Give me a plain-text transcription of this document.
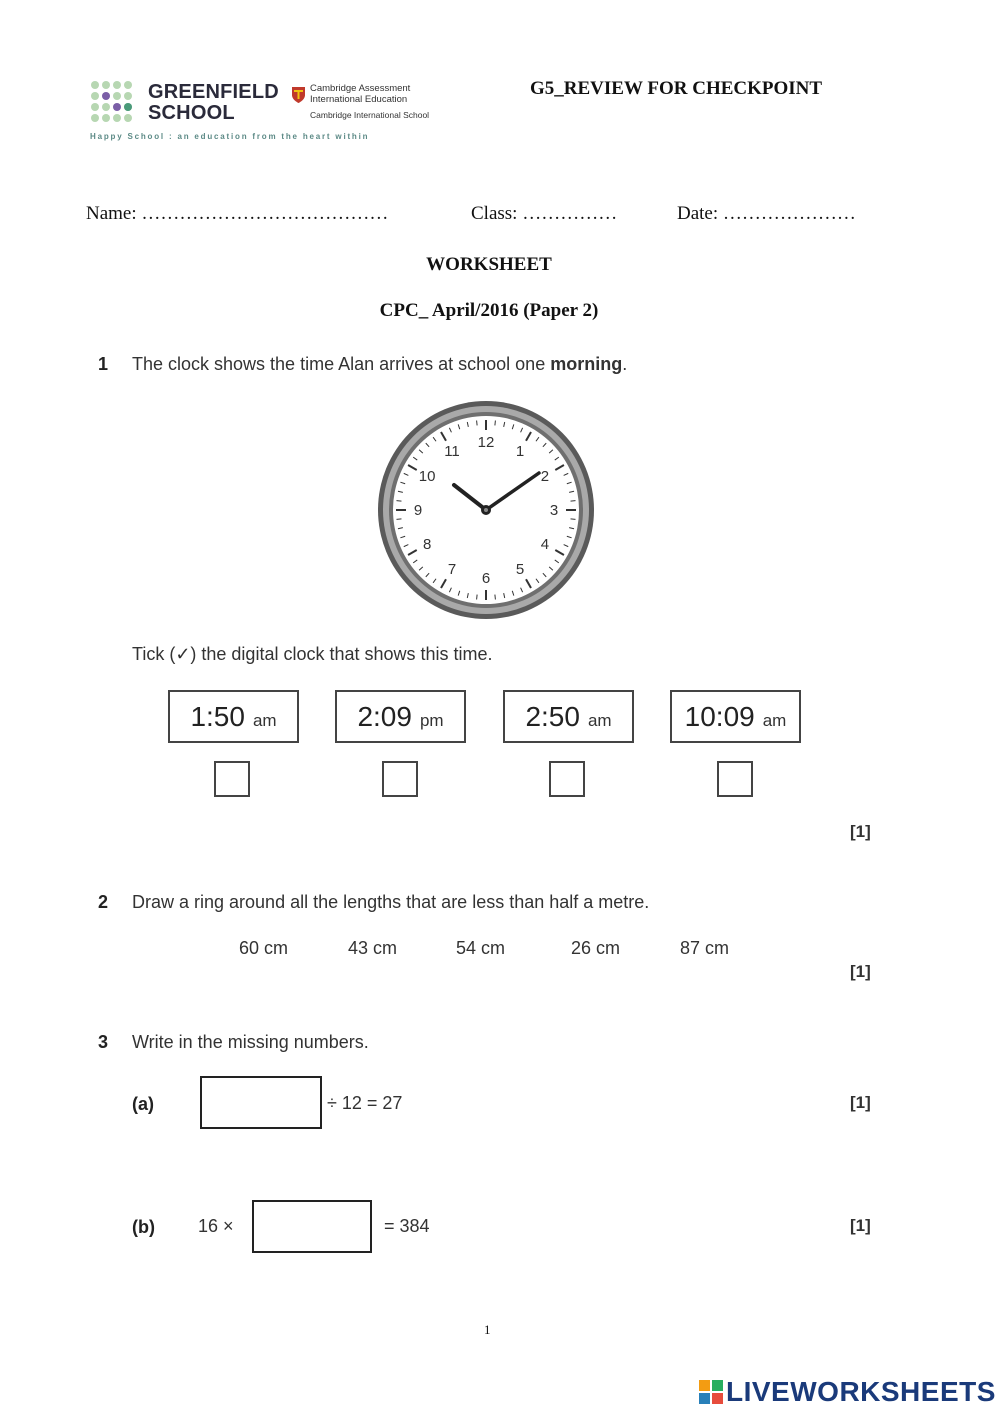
GREENFIELD
SCHOOL
Cambridge Assessment
International Education
Cambridge International School
Happy School : an education from the heart within
G5_REVIEW FOR CHECKPOINT
Name: …………………………………	Class: ……………	Date: …………………
WORKSHEET
CPC_ April/2016 (Paper 2)
1 The clock shows the time Alan arrives at school one morning.
12
1
2
3
4
5
6
7
8
9
10
11
Tick (✓) the digital clock that shows this time.
1:50 am	2:09 pm	2:50 am	10:09 am
[1]
2 Draw a ring around all the lengths that are less than half a metre.
60 cm	43 cm	54 cm	26 cm	87 cm
[1]
3 Write in the missing numbers.
(a)	÷ 12 = 27	[1]
(b) 16 ×	= 384	[1]
1
LIVEWORKSHEETS
